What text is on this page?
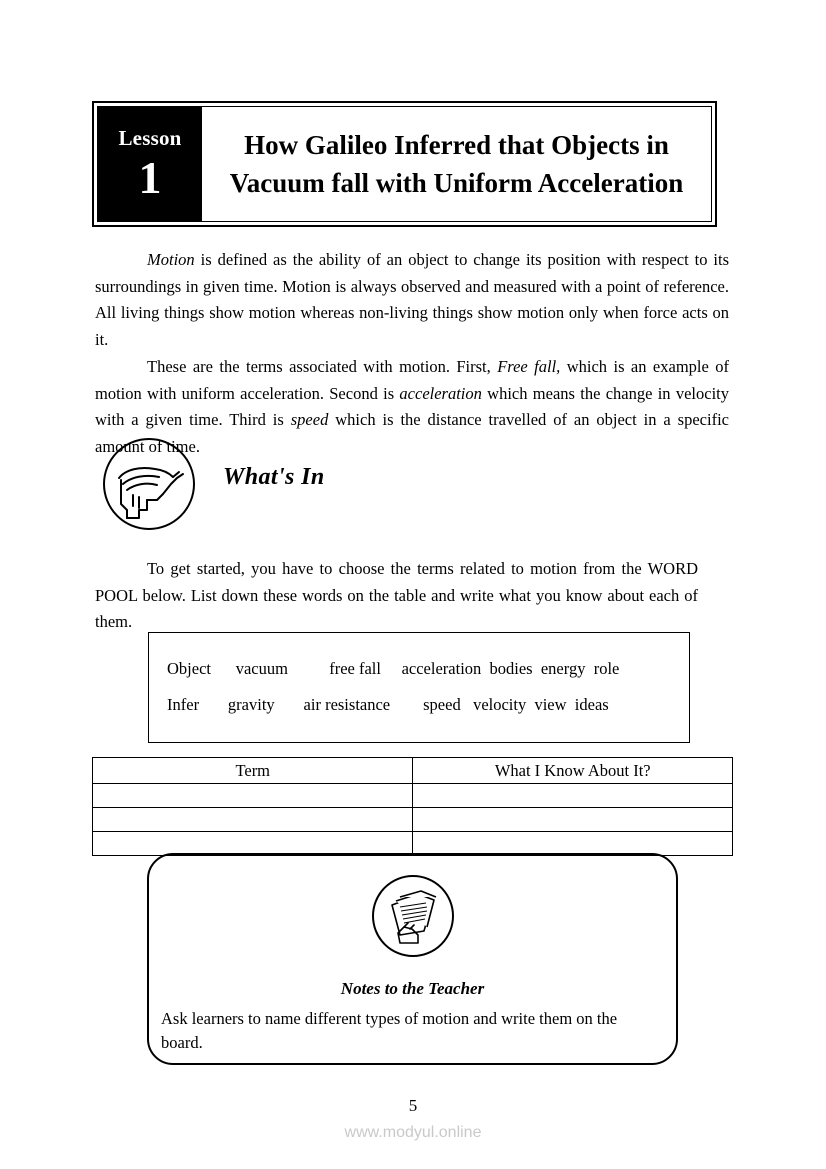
Lesson
1
How Galileo Inferred that Objects in Vacuum fall with Uniform Acceleration

Motion is defined as the ability of an object to change its position with respect to its surroundings in given time. Motion is always observed and measured with a point of reference. All living things show motion whereas non-living things show motion only when force acts on it.

These are the terms associated with motion. First, Free fall, which is an example of motion with uniform acceleration. Second is acceleration which means the change in velocity with a given time. Third is speed which is the distance travelled of an object in a specific amount of time.

What's In

To get started, you have to choose the terms related to motion from the WORD POOL below. List down these words on the table and write what you know about each of them.

Object      vacuum          free fall     acceleration  bodies  energy  role
Infer       gravity       air resistance        speed   velocity  view  ideas
Term	What I Know About It?

Notes to the Teacher
Ask learners to name different types of motion and write them on the board.
5
www.modyul.online
